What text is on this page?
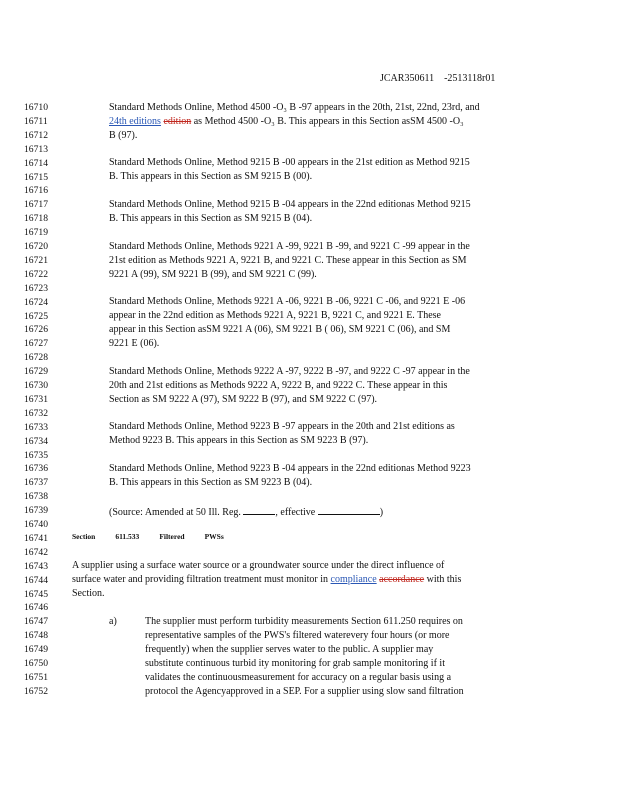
JCAR350611 -2513118r01
16710
16711
16712
16713
16714
16715
16716
16717
16718
16719
16720
16721
16722
16723
16724
16725
16726
16727
16728
16729
16730
16731
16732
16733
16734
16735
16736
16737
16738
16739
16740
16741
16742
16743
16744
16745
16746
16747
16748
16749
16750
16751
16752
Standard Methods Online, Method 4500 -O₃ B -97 appears in the 20th, 21st, 22nd, 23rd, and
24th editions edition as Method 4500 -O₃ B. This appears in this Section asSM 4500 -O₃
B (97).
Standard Methods Online, Method 9215 B -00 appears in the 21st edition as Method 9215
B. This appears in this Section as SM 9215 B (00).
Standard Methods Online, Method 9215 B -04 appears in the 22nd editionas Method 9215
B. This appears in this Section as SM 9215 B (04).
Standard Methods Online, Methods 9221 A -99, 9221 B -99, and 9221 C -99 appear in the
21st edition as Methods 9221 A, 9221 B, and 9221 C. These appear in this Section as SM
9221 A (99), SM 9221 B (99), and SM 9221 C (99).
Standard Methods Online, Methods 9221 A -06, 9221 B -06, 9221 C -06, and 9221 E -06
appear in the 22nd edition as Methods 9221 A, 9221 B, 9221 C, and 9221 E. These
appear in this Section asSM 9221 A (06), SM 9221 B ( 06), SM 9221 C (06), and SM
9221 E (06).
Standard Methods Online, Methods 9222 A -97, 9222 B -97, and 9222 C -97 appear in the
20th and 21st editions as Methods 9222 A, 9222 B, and 9222 C. These appear in this
Section as SM 9222 A (97), SM 9222 B (97), and SM 9222 C (97).
Standard Methods Online, Method 9223 B -97 appears in the 20th and 21st editions as
Method 9223 B. This appears in this Section as SM 9223 B (97).
Standard Methods Online, Method 9223 B -04 appears in the 22nd editionas Method 9223
B. This appears in this Section as SM 9223 B (04).
(Source: Amended at 50 Ill. Reg.	, effective	)
Section	611.533	Filtered	PWSs
A supplier using a surface water source or a groundwater source under the direct influence of
surface water and providing filtration treatment must monitor in compliance accordance with this
Section.
a)	The supplier must perform turbidity measurements Section 611.250 requires on
representative samples of the PWS's filtered waterevery four hours (or more
frequently) when the supplier serves water to the public. A supplier may
substitute continuous turbid ity monitoring for grab sample monitoring if it
validates the continuousmeasurement for accuracy on a regular basis using a
protocol the Agencyapproved in a SEP. For a supplier using slow sand filtration
